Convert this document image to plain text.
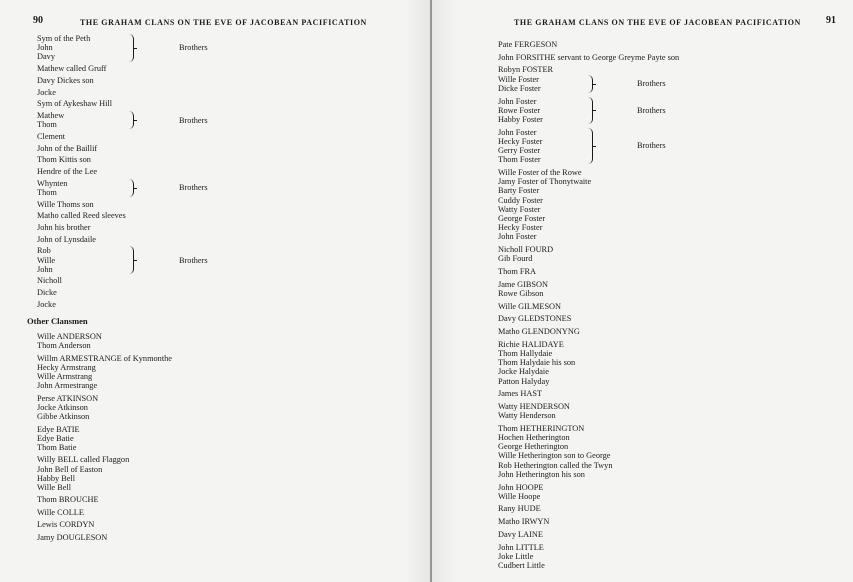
90	THE GRAHAM CLANS ON THE EVE OF JACOBEAN PACIFICATION
Sym of the Peth
John
Davy
Brothers
Mathew called Gruff
Davy Dickes son
Jocke
Sym of Aykeshaw Hill
Mathew
Thom
Brothers
Clement
John of the Baillif
Thom Kittis son
Hendre of the Lee
Whynten
Thom
Brothers
Wille Thoms son
Matho called Reed sleeves
John his brother
John of Lynsdaile
Rob
Wille
John
Brothers
Nicholl
Dicke
Jocke
Other Clansmen
Wille ANDERSON
Thom Anderson
Willm ARMESTRANGE of Kynmonthe
Hecky Armstrang
Wille Armstrang
John Armestrange
Perse ATKINSON
Jocke Atkinson
Gibbe Atkinson
Edye BATIE
Edye Batie
Thom Batie
Willy BELL called Flaggon
John Bell of Easton
Habby Bell
Wille Bell
Thom BROUCHE
Wille COLLE
Lewis CORDYN
Jamy DOUGLESON
THE GRAHAM CLANS ON THE EVE OF JACOBEAN PACIFICATION	91
Pate FERGESON
John FORSITHE servant to George Greyme Payte son
Robyn FOSTER
Wille Foster
Dicke Foster
Brothers
John Foster
Rowe Foster
Habby Foster
Brothers
John Foster
Hecky Foster
Gerry Foster
Thom Foster
Brothers
Wille Foster of the Rowe
Jamy Foster of Thonytwaite
Barty Foster
Cuddy Foster
Watty Foster
George Foster
Hecky Foster
John Foster
Nicholl FOURD
Gib Fourd
Thom FRA
Jame GIBSON
Rowe Gibson
Wille GILMESON
Davy GLEDSTONES
Matho GLENDONYNG
Richie HALIDAYE
Thom Hallydaie
Thom Halydaie his son
Jocke Halydaie
Patton Halyday
James HAST
Watty HENDERSON
Watty Henderson
Thom HETHERINGTON
Hochen Hetherington
George Hetherington
Wille Hetherington son to George
Rob Hetherington called the Twyn
John Hetherington his son
John HOOPE
Wille Hoope
Rany HUDE
Matho IRWYN
Davy LAINE
John LITTLE
Joke Little
Cudbert Little
